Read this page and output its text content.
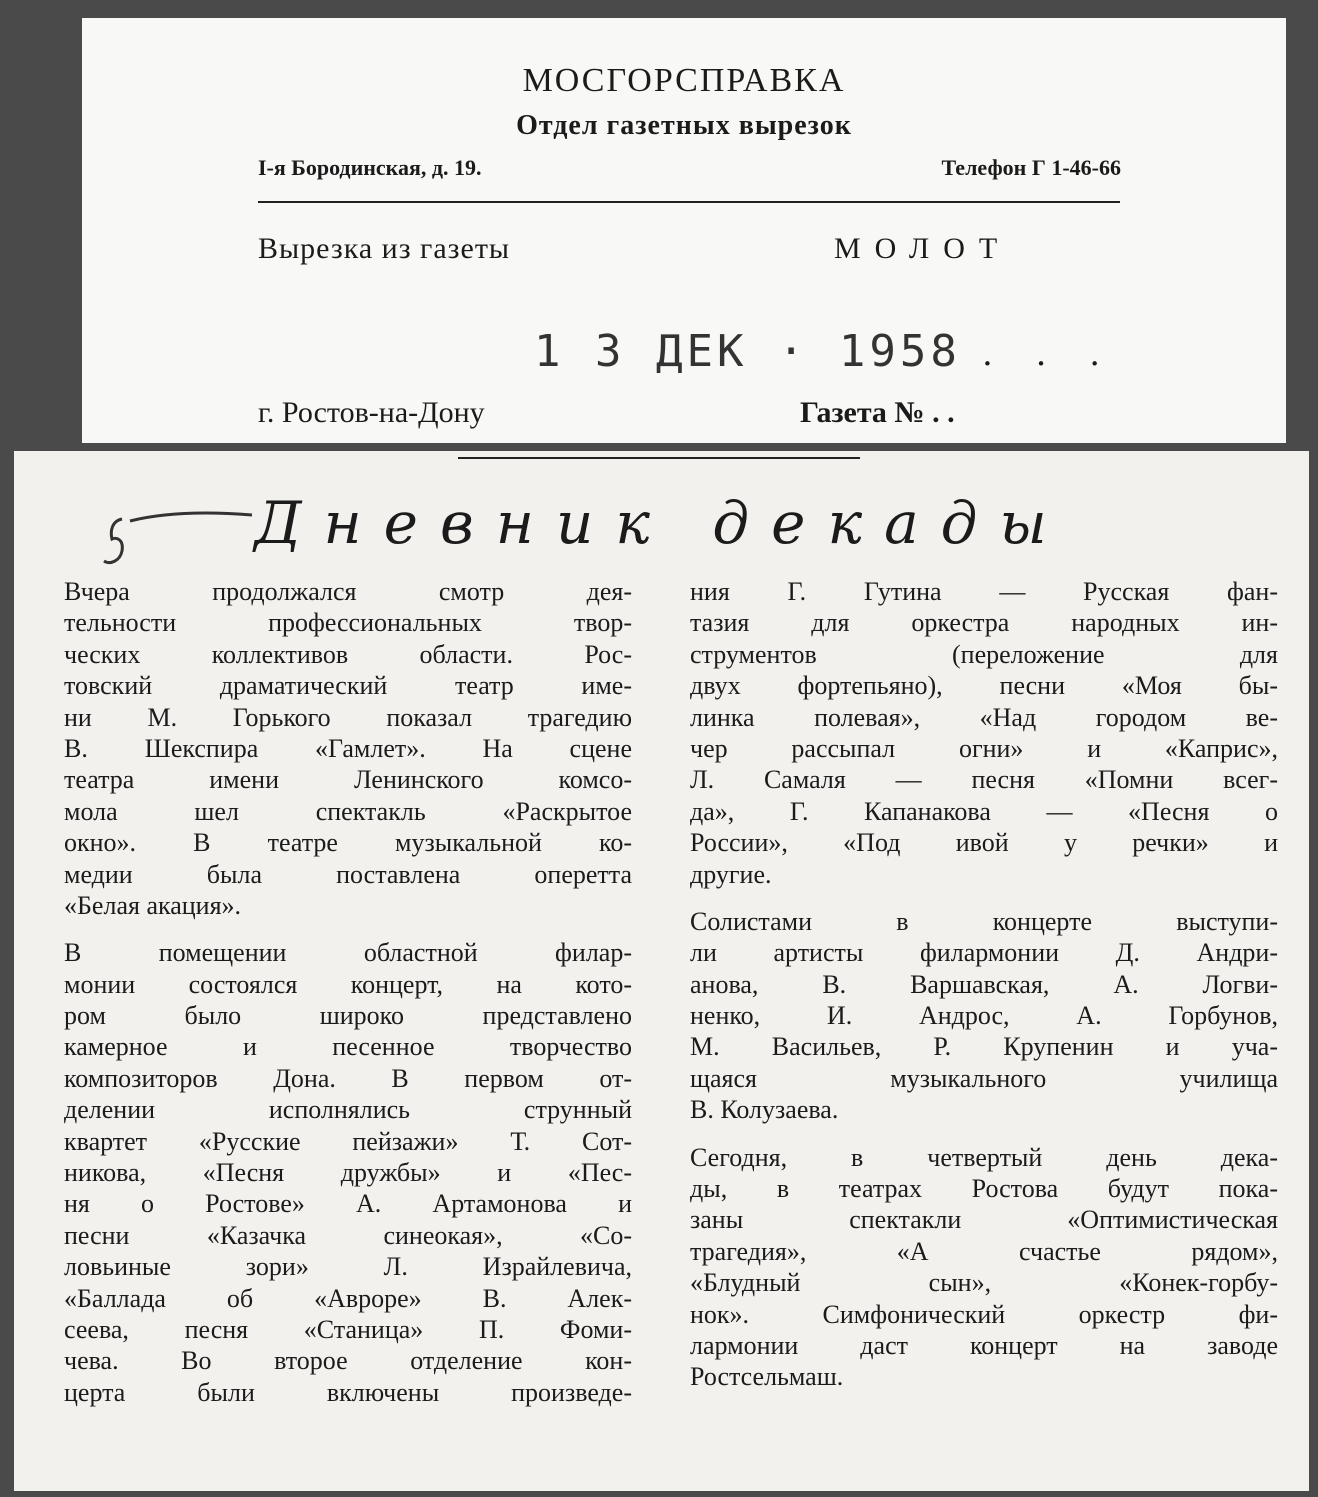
МОСГОРСПРАВКА
Отдел газетных вырезок
I-я Бородинская, д. 19.	Телефон Г 1-46-66
Вырезка из газеты	МОЛОТ
1 3 ДЕК · 1958 . . .
г. Ростов-на-Дону	Газета № . .
Дневник декады
Вчера продолжался смотр дея-
тельности профессиональных твор-
ческих коллективов области. Рос-
товский драматический театр имe-
ни М. Горького показал трагедию
В. Шекспира «Гамлет». На сцене
театра имени Ленинского комсо-
мола шел спектакль «Раскрытое
окно». В театре музыкальной ко-
медии была поставлена оперетта
«Белая акация».
В помещении областной филар-
монии состоялся концерт, на кото-
ром было широко представлено
камерное и песенное творчество
композиторов Дона. В первом от-
делении исполнялись струнный
квартет «Русские пейзажи» Т. Сот-
никова, «Песня дружбы» и «Пес-
ня о Ростове» А. Артамонова и
песни «Казачка синеокая», «Со-
ловьиные зори» Л. Израйлевича,
«Баллада об «Авроре» В. Алек-
сеева, песня «Станица» П. Фоми-
чева. Во второе отделение кон-
церта были включены произведе-
ния Г. Гутина — Русская фан-
тазия для оркестра народных ин-
струментов (переложение для
двух фортепьяно), песни «Моя бы-
линка полевая», «Над городом ве-
чер рассыпал огни» и «Каприс»,
Л. Самаля — песня «Помни всег-
да», Г. Капанакова — «Песня о
России», «Под ивой у речки» и
другие.
Солистами в концерте выступи-
ли артисты филармонии Д. Андри-
анова, В. Варшавская, А. Логви-
ненко, И. Андрос, А. Горбунов,
М. Васильев, Р. Крупенин и уча-
щаяся музыкального училища
В. Колузаева.
Сегодня, в четвертый день дека-
ды, в театрах Ростова будут пока-
заны спектакли «Оптимистическая
трагедия», «А счастье рядом»,
«Блудный сын», «Конек-горбу-
нок». Симфонический оркестр фи-
лармонии даст концерт на заводе
Ростсельмаш.
